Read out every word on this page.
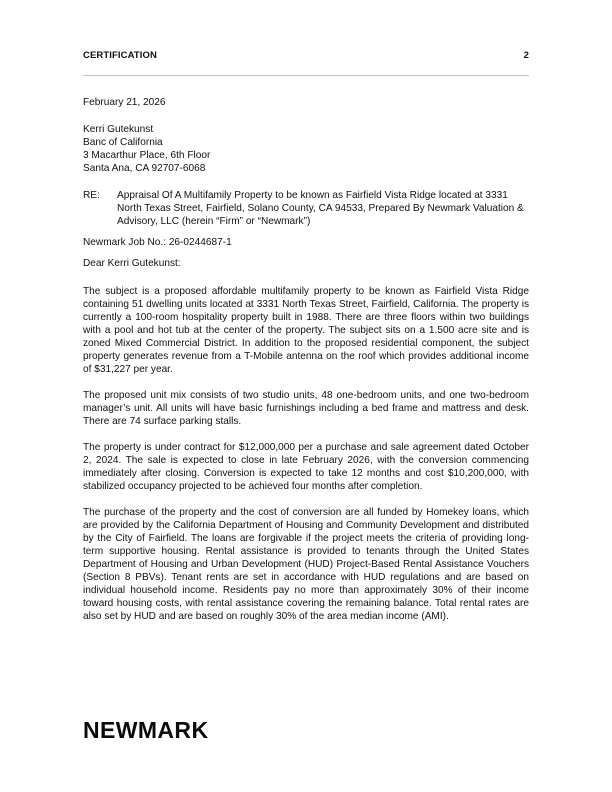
CERTIFICATION	2
February 21, 2026
Kerri Gutekunst
Banc of California
3 Macarthur Place, 6th Floor
Santa Ana, CA 92707-6068
RE:	Appraisal Of A Multifamily Property to be known as Fairfield Vista Ridge located at 3331 North Texas Street, Fairfield, Solano County, CA 94533, Prepared By Newmark Valuation & Advisory, LLC (herein “Firm” or “Newmark”)
Newmark Job No.: 26-0244687-1
Dear Kerri Gutekunst:

The subject is a proposed affordable multifamily property to be known as Fairfield Vista Ridge containing 51 dwelling units located at 3331 North Texas Street, Fairfield, California. The property is currently a 100-room hospitality property built in 1988. There are three floors within two buildings with a pool and hot tub at the center of the property. The subject sits on a 1.500 acre site and is zoned Mixed Commercial District. In addition to the proposed residential component, the subject property generates revenue from a T-Mobile antenna on the roof which provides additional income of $31,227 per year.

The proposed unit mix consists of two studio units, 48 one-bedroom units, and one two-bedroom manager’s unit. All units will have basic furnishings including a bed frame and mattress and desk. There are 74 surface parking stalls.

The property is under contract for $12,000,000 per a purchase and sale agreement dated October 2, 2024. The sale is expected to close in late February 2026, with the conversion commencing immediately after closing. Conversion is expected to take 12 months and cost $10,200,000, with stabilized occupancy projected to be achieved four months after completion.

The purchase of the property and the cost of conversion are all funded by Homekey loans, which are provided by the California Department of Housing and Community Development and distributed by the City of Fairfield. The loans are forgivable if the project meets the criteria of providing long-term supportive housing. Rental assistance is provided to tenants through the United States Department of Housing and Urban Development (HUD) Project-Based Rental Assistance Vouchers (Section 8 PBVs). Tenant rents are set in accordance with HUD regulations and are based on individual household income. Residents pay no more than approximately 30% of their income toward housing costs, with rental assistance covering the remaining balance. Total rental rates are also set by HUD and are based on roughly 30% of the area median income (AMI).

NEWMARK
